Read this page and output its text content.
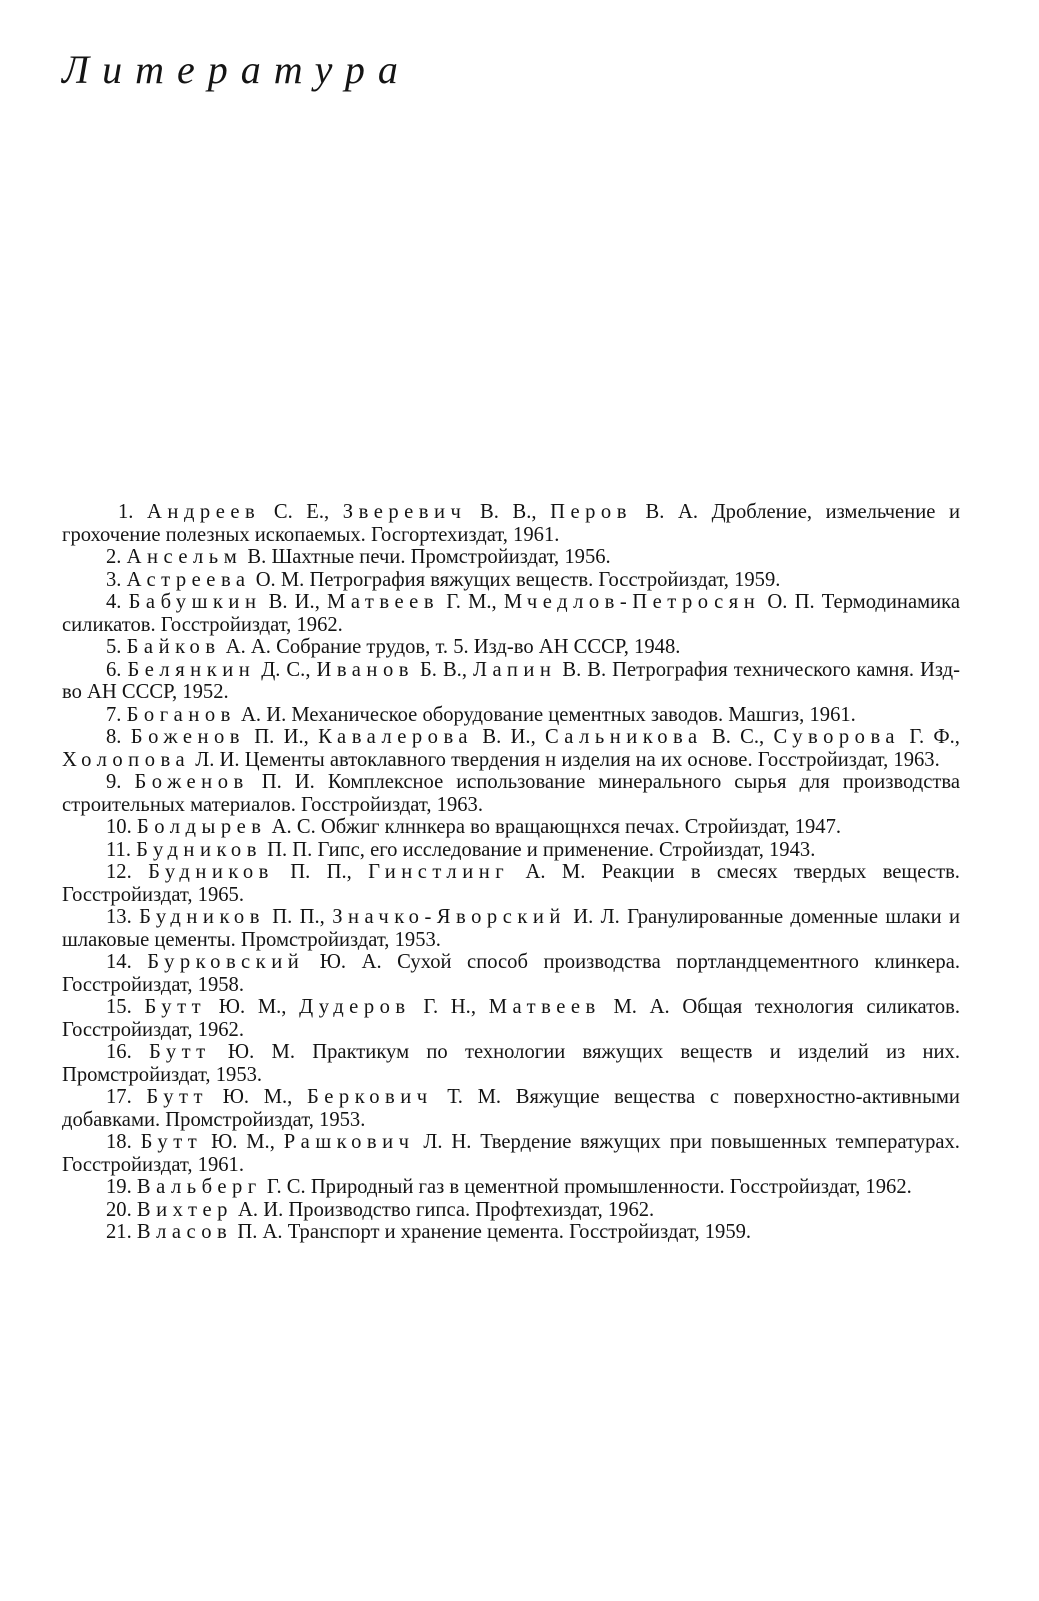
Литература
1. Андреев С. Е., Зверевич В. В., Перов В. А. Дробление, измельчение и грохочение полезных ископаемых. Госгортехиздат, 1961.
2. Ансельм В. Шахтные печи. Промстройиздат, 1956.
3. Астреева О. М. Петрография вяжущих веществ. Госстройиздат, 1959.
4. Бабушкин В. И., Матвеев Г. М., Мчедлов-Петросян О. П. Термодинамика силикатов. Госстройиздат, 1962.
5. Байков А. А. Собрание трудов, т. 5. Изд-во АН СССР, 1948.
6. Белянкин Д. С., Иванов Б. В., Лапин В. В. Петрография технического камня. Изд-во АН СССР, 1952.
7. Боганов А. И. Механическое оборудование цементных заводов. Машгиз, 1961.
8. Боженов П. И., Кавалерова В. И., Сальникова В. С., Суворова Г. Ф., Холопова Л. И. Цементы автоклавного твердения н изделия на их основе. Госстройиздат, 1963.
9. Боженов П. И. Комплексное использование минерального сырья для производства строительных материалов. Госстройиздат, 1963.
10. Болдырев А. С. Обжиг клннкера во вращающнхся печах. Стройиздат, 1947.
11. Будников П. П. Гипс, его исследование и применение. Стройиздат, 1943.
12. Будников П. П., Гинстлинг А. М. Реакции в смесях твердых веществ. Госстройиздат, 1965.
13. Будников П. П., Значко-Яворский И. Л. Гранулированные доменные шлаки и шлаковые цементы. Промстройиздат, 1953.
14. Бурковский Ю. А. Сухой способ производства портландцементного клинкера. Госстройиздат, 1958.
15. Бутт Ю. М., Дудеров Г. Н., Матвеев М. А. Общая технология силикатов. Госстройиздат, 1962.
16. Бутт Ю. М. Практикум по технологии вяжущих веществ и изделий из них. Промстройиздат, 1953.
17. Бутт Ю. М., Беркович Т. М. Вяжущие вещества с поверхностно-активными добавками. Промстройиздат, 1953.
18. Бутт Ю. М., Рашкович Л. Н. Твердение вяжущих при повышенных температурах. Госстройиздат, 1961.
19. Вальберг Г. С. Природный газ в цементной промышленности. Госстройиздат, 1962.
20. Вихтер А. И. Производство гипса. Профтехиздат, 1962.
21. Власов П. А. Транспорт и хранение цемента. Госстройиздат, 1959.
